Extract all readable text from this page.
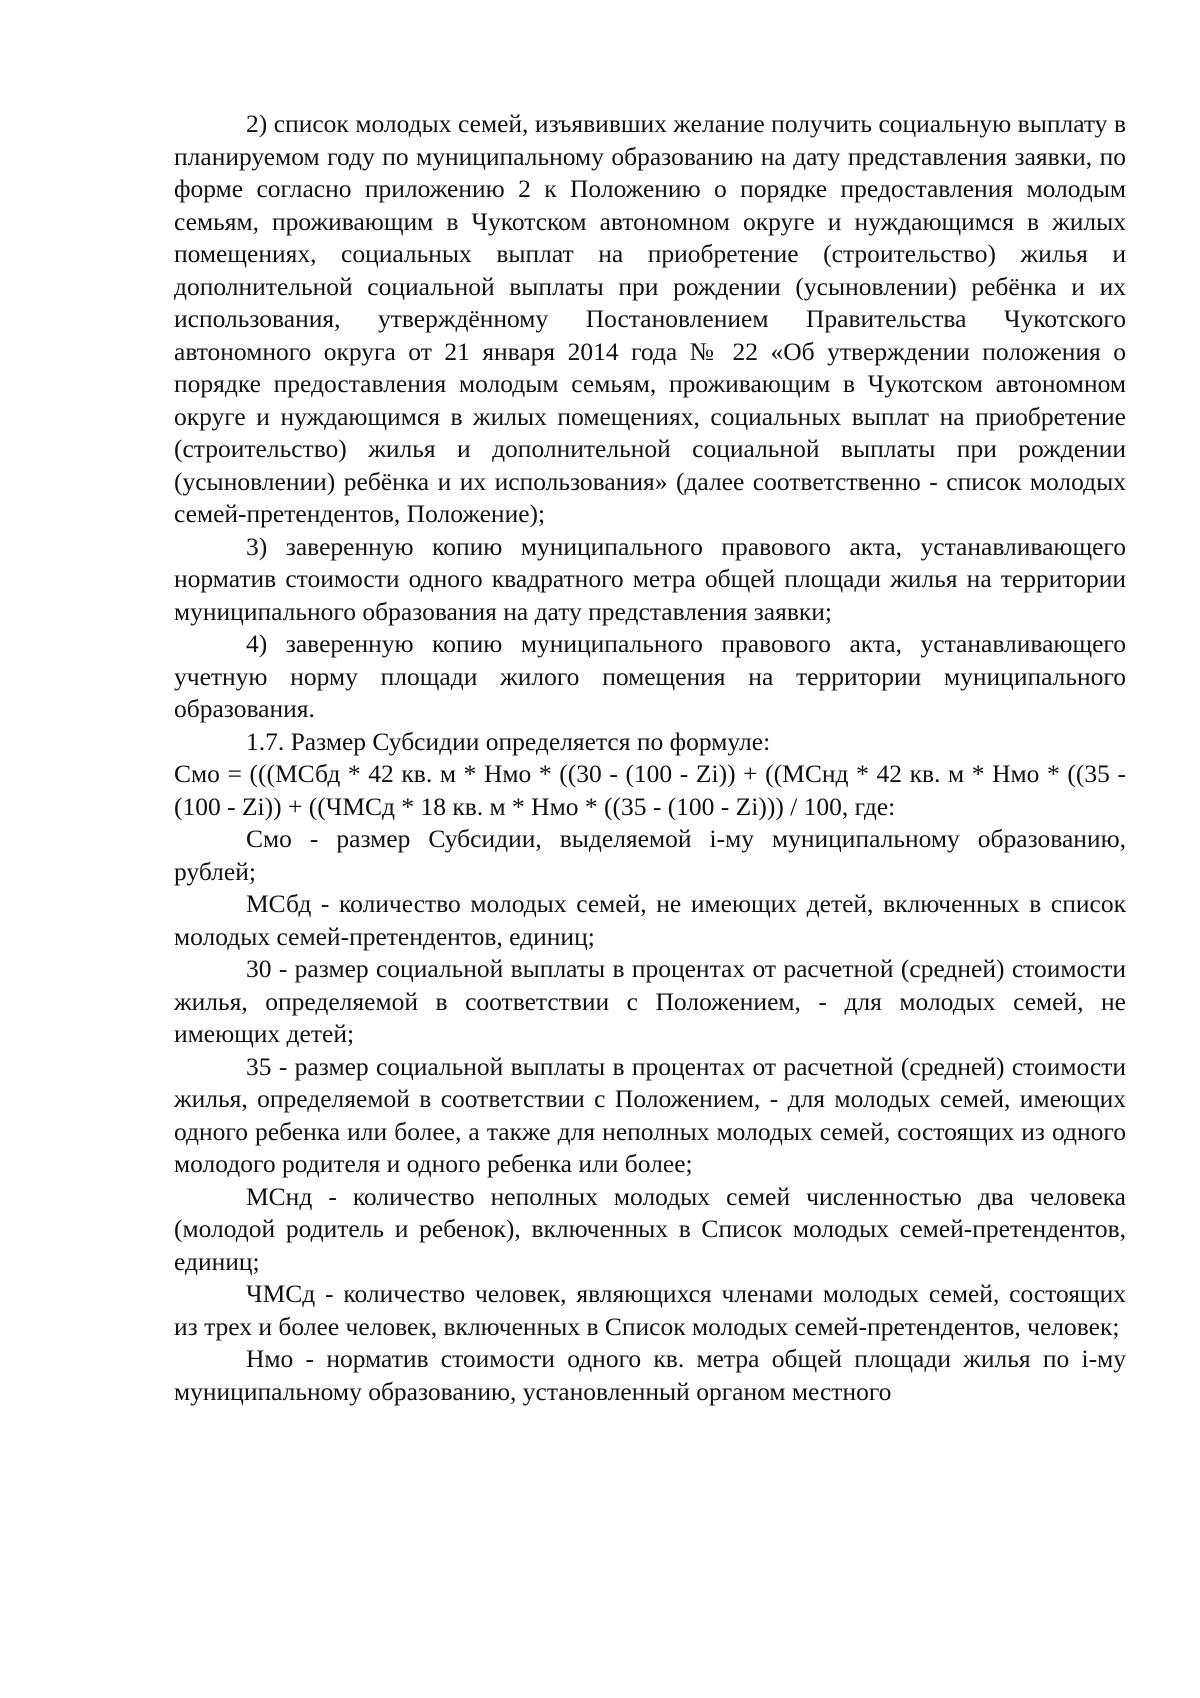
2) список молодых семей, изъявивших желание получить социальную выплату в планируемом году по муниципальному образованию на дату представления заявки, по форме согласно приложению 2 к Положению о порядке предоставления молодым семьям, проживающим в Чукотском автономном округе и нуждающимся в жилых помещениях, социальных выплат на приобретение (строительство) жилья и дополнительной социальной выплаты при рождении (усыновлении) ребёнка и их использования, утверждённому Постановлением Правительства Чукотского автономного округа от 21 января 2014 года № 22 «Об утверждении положения о порядке предоставления молодым семьям, проживающим в Чукотском автономном округе и нуждающимся в жилых помещениях, социальных выплат на приобретение (строительство) жилья и дополнительной социальной выплаты при рождении (усыновлении) ребёнка и их использования» (далее соответственно - список молодых семей-претендентов, Положение);

3) заверенную копию муниципального правового акта, устанавливающего норматив стоимости одного квадратного метра общей площади жилья на территории муниципального образования на дату представления заявки;

4) заверенную копию муниципального правового акта, устанавливающего учетную норму площади жилого помещения на территории муниципального образования.

1.7. Размер Субсидии определяется по формуле:

Смо = (((МСбд * 42 кв. м * Нмо * ((30 - (100 - Zi)) + ((МСнд * 42 кв. м * Нмо * ((35 - (100 - Zi)) + ((ЧМСд * 18 кв. м * Нмо * ((35 - (100 - Zi))) / 100, где:

Смо - размер Субсидии, выделяемой i-му муниципальному образованию, рублей;

МСбд - количество молодых семей, не имеющих детей, включенных в список молодых семей-претендентов, единиц;

30 - размер социальной выплаты в процентах от расчетной (средней) стоимости жилья, определяемой в соответствии с Положением, - для молодых семей, не имеющих детей;

35 - размер социальной выплаты в процентах от расчетной (средней) стоимости жилья, определяемой в соответствии с Положением, - для молодых семей, имеющих одного ребенка или более, а также для неполных молодых семей, состоящих из одного молодого родителя и одного ребенка или более;

МСнд - количество неполных молодых семей численностью два человека (молодой родитель и ребенок), включенных в Список молодых семей-претендентов, единиц;

ЧМСд - количество человек, являющихся членами молодых семей, состоящих из трех и более человек, включенных в Список молодых семей-претендентов, человек;

Нмо - норматив стоимости одного кв. метра общей площади жилья по i-му муниципальному образованию, установленный органом местного
